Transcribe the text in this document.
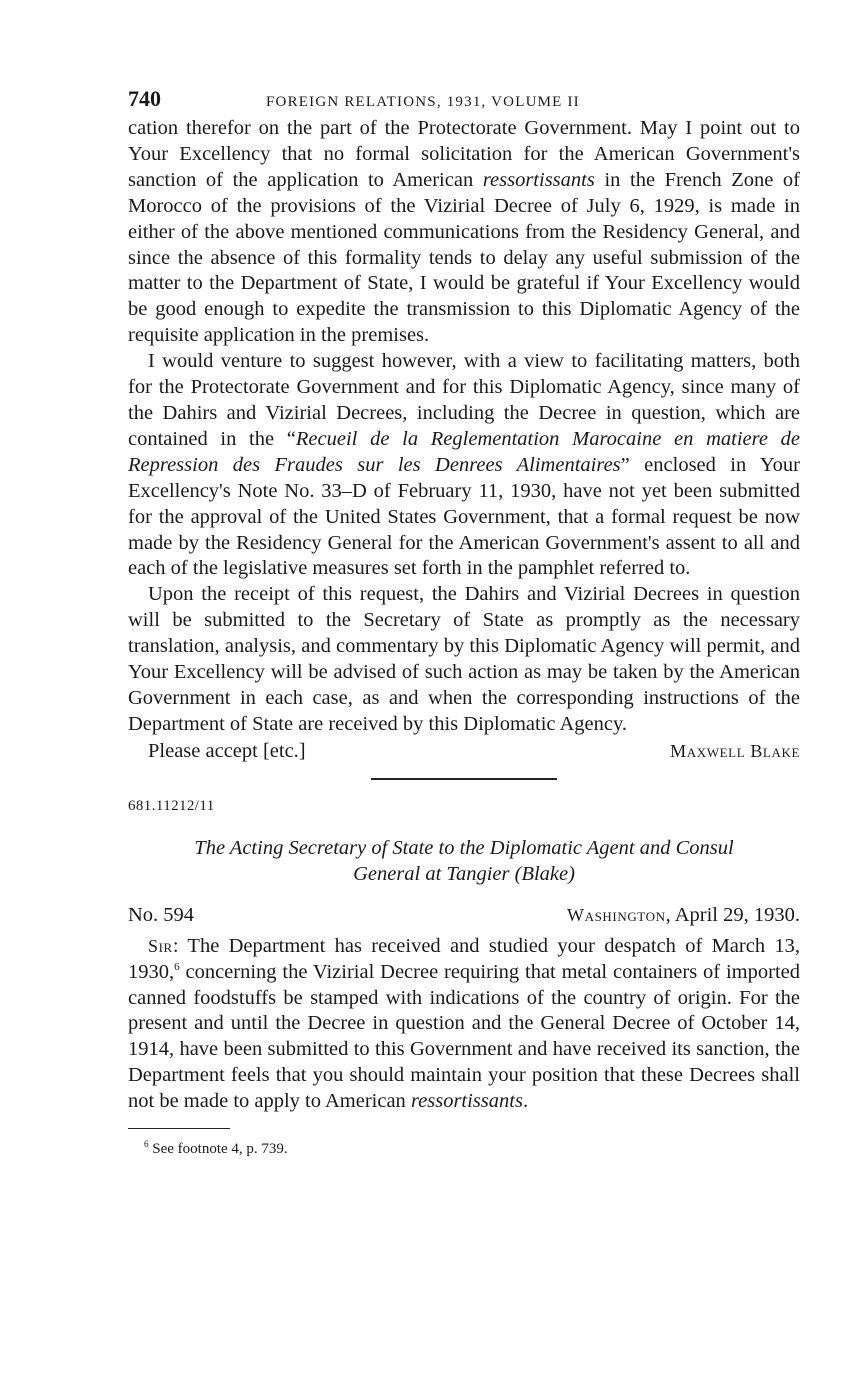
740	FOREIGN RELATIONS, 1931, VOLUME II

cation therefor on the part of the Protectorate Government. May I point out to Your Excellency that no formal solicitation for the American Government's sanction of the application to American ressortissants in the French Zone of Morocco of the provisions of the Vizirial Decree of July 6, 1929, is made in either of the above mentioned communications from the Residency General, and since the absence of this formality tends to delay any useful submission of the matter to the Department of State, I would be grateful if Your Excellency would be good enough to expedite the transmission to this Diplomatic Agency of the requisite application in the premises.

I would venture to suggest however, with a view to facilitating matters, both for the Protectorate Government and for this Diplomatic Agency, since many of the Dahirs and Vizirial Decrees, including the Decree in question, which are contained in the “Recueil de la Reglementation Marocaine en matiere de Repression des Fraudes sur les Denrees Alimentaires” enclosed in Your Excellency's Note No. 33–D of February 11, 1930, have not yet been submitted for the approval of the United States Government, that a formal request be now made by the Residency General for the American Government's assent to all and each of the legislative measures set forth in the pamphlet referred to.

Upon the receipt of this request, the Dahirs and Vizirial Decrees in question will be submitted to the Secretary of State as promptly as the necessary translation, analysis, and commentary by this Diplomatic Agency will permit, and Your Excellency will be advised of such action as may be taken by the American Government in each case, as and when the corresponding instructions of the Department of State are received by this Diplomatic Agency.

Please accept [etc.]	Maxwell Blake
681.11212/11
The Acting Secretary of State to the Diplomatic Agent and Consul
General at Tangier (Blake)
No. 594	Washington, April 29, 1930.

Sir: The Department has received and studied your despatch of March 13, 1930,$^6$ concerning the Vizirial Decree requiring that metal containers of imported canned foodstuffs be stamped with indications of the country of origin. For the present and until the Decree in question and the General Decree of October 14, 1914, have been submitted to this Government and have received its sanction, the Department feels that you should maintain your position that these Decrees shall not be made to apply to American ressortissants.

$^6$ See footnote 4, p. 739.
